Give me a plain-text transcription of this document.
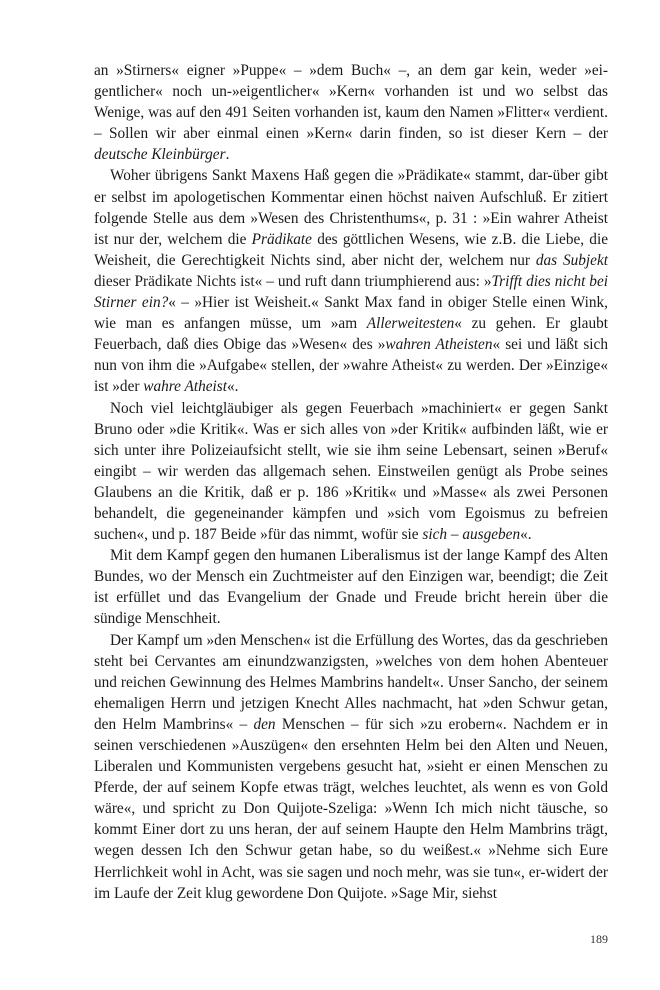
an »Stirners« eigner »Puppe« – »dem Buch« –, an dem gar kein, weder »ei-gentlicher« noch un-»eigentlicher« »Kern« vorhanden ist und wo selbst das Wenige, was auf den 491 Seiten vorhanden ist, kaum den Namen »Flitter« verdient. – Sollen wir aber einmal einen »Kern« darin finden, so ist dieser Kern – der deutsche Kleinbürger.

Woher übrigens Sankt Maxens Haß gegen die »Prädikate« stammt, dar-über gibt er selbst im apologetischen Kommentar einen höchst naiven Aufschluß. Er zitiert folgende Stelle aus dem »Wesen des Christenthums«, p. 31 : »Ein wahrer Atheist ist nur der, welchem die Prädikate des göttlichen Wesens, wie z.B. die Liebe, die Weisheit, die Gerechtigkeit Nichts sind, aber nicht der, welchem nur das Subjekt dieser Prädikate Nichts ist« – und ruft dann triumphierend aus: »Trifft dies nicht bei Stirner ein?« – »Hier ist Weisheit.« Sankt Max fand in obiger Stelle einen Wink, wie man es anfangen müsse, um »am Allerweitesten« zu gehen. Er glaubt Feuerbach, daß dies Obige das »Wesen« des »wahren Atheisten« sei und läßt sich nun von ihm die »Aufgabe« stellen, der »wahre Atheist« zu werden. Der »Einzige« ist »der wahre Atheist«.

Noch viel leichtgläubiger als gegen Feuerbach »machiniert« er gegen Sankt Bruno oder »die Kritik«. Was er sich alles von »der Kritik« aufbinden läßt, wie er sich unter ihre Polizeiaufsicht stellt, wie sie ihm seine Lebensart, seinen »Beruf« eingibt – wir werden das allgemach sehen. Einstweilen genügt als Probe seines Glaubens an die Kritik, daß er p. 186 »Kritik« und »Masse« als zwei Personen behandelt, die gegeneinander kämpfen und »sich vom Egoismus zu befreien suchen«, und p. 187 Beide »für das nimmt, wofür sie sich – ausgeben«.

Mit dem Kampf gegen den humanen Liberalismus ist der lange Kampf des Alten Bundes, wo der Mensch ein Zuchtmeister auf den Einzigen war, beendigt; die Zeit ist erfüllet und das Evangelium der Gnade und Freude bricht herein über die sündige Menschheit.

Der Kampf um »den Menschen« ist die Erfüllung des Wortes, das da geschrieben steht bei Cervantes am einundzwanzigsten, »welches von dem hohen Abenteuer und reichen Gewinnung des Helmes Mambrins handelt«. Unser Sancho, der seinem ehemaligen Herrn und jetzigen Knecht Alles nachmacht, hat »den Schwur getan, den Helm Mambrins« – den Menschen – für sich »zu erobern«. Nachdem er in seinen verschiedenen »Auszügen« den ersehnten Helm bei den Alten und Neuen, Liberalen und Kommunisten vergebens gesucht hat, »sieht er einen Menschen zu Pferde, der auf seinem Kopfe etwas trägt, welches leuchtet, als wenn es von Gold wäre«, und spricht zu Don Quijote-Szeliga: »Wenn Ich mich nicht täusche, so kommt Einer dort zu uns heran, der auf seinem Haupte den Helm Mambrins trägt, wegen dessen Ich den Schwur getan habe, so du weißest.« »Nehme sich Eure Herrlichkeit wohl in Acht, was sie sagen und noch mehr, was sie tun«, er-widert der im Laufe der Zeit klug gewordene Don Quijote. »Sage Mir, siehst

189
